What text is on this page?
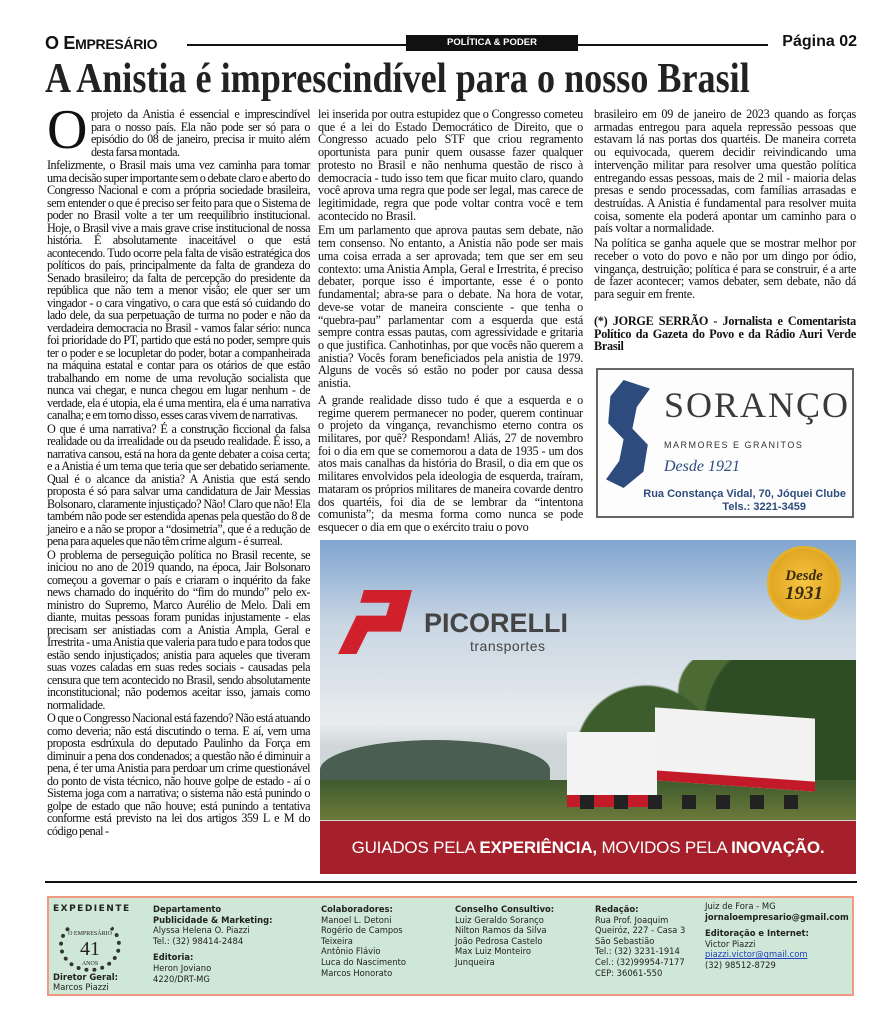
O EMPRESÁRIO	POLÍTICA & PODER	Página 02
A Anistia é imprescindível para o nosso Brasil

Oprojeto da Anistia é essencial e imprescindível para o nosso país. Ela não pode ser só para o episódio do 08 de janeiro, precisa ir muito além desta farsa montada.

Infelizmente, o Brasil mais uma vez caminha para tomar uma decisão super importante sem o debate claro e aberto do Congresso Nacional e com a própria sociedade brasileira, sem entender o que é preciso ser feito para que o Sistema de poder no Brasil volte a ter um reequilíbrio institucional. Hoje, o Brasil vive a mais grave crise institucional de nossa história. É absolutamente inaceitável o que está acontecendo. Tudo ocorre pela falta de visão estratégica dos políticos do país, principalmente da falta de grandeza do Senado brasileiro; da falta de percepção do presidente da república que não tem a menor visão; ele quer ser um vingador - o cara vingativo, o cara que está só cuidando do lado dele, da sua perpetuação de turma no poder e não da verdadeira democracia no Brasil - vamos falar sério: nunca foi prioridade do PT, partido que está no poder, sempre quis ter o poder e se locupletar do poder, botar a companheirada na máquina estatal e contar para os otários de que estão trabalhando em nome de uma revolução socialista que nunca vai chegar, e nunca chegou em lugar nenhum - de verdade, ela é utopia, ela é uma mentira, ela é uma narrativa canalha; e em torno disso, esses caras vivem de narrativas.

O que é uma narrativa? É a construção ficcional da falsa realidade ou da irrealidade ou da pseudo realidade. É isso, a narrativa cansou, está na hora da gente debater a coisa certa; e a Anistia é um tema que teria que ser debatido seriamente. Qual é o alcance da anistia? A Anistia que está sendo proposta é só para salvar uma candidatura de Jair Messias Bolsonaro, claramente injustiçado? Não! Claro que não! Ela também não pode ser estendida apenas pela questão do 8 de janeiro e a não se propor a “dosimetria”, que é a redução de pena para aqueles que não têm crime algum - é surreal.

O problema de perseguição política no Brasil recente, se iniciou no ano de 2019 quando, na época, Jair Bolsonaro começou a governar o país e criaram o inquérito da fake news chamado do inquérito do “fim do mundo” pelo ex-ministro do Supremo, Marco Aurélio de Melo. Dali em diante, muitas pessoas foram punidas injustamente - elas precisam ser anistiadas com a Anistia Ampla, Geral e Irrestrita - uma Anistia que valeria para tudo e para todos que estão sendo injustiçados; anistia para aqueles que tiveram suas vozes caladas em suas redes sociais - causadas pela censura que tem acontecido no Brasil, sendo absolutamente inconstitucional; não podemos aceitar isso, jamais como normalidade.

O que o Congresso Nacional está fazendo? Não está atuando como deveria; não está discutindo o tema. E aí, vem uma proposta esdrúxula do deputado Paulinho da Força em diminuir a pena dos condenados; a questão não é diminuir a pena, é ter uma Anistia para perdoar um crime questionável do ponto de vista técnico, não houve golpe de estado - aí o Sistema joga com a narrativa; o sistema não está punindo o golpe de estado que não houve; está punindo a tentativa conforme está previsto na lei dos artigos 359 L e M do código penal -

lei inserida por outra estupidez que o Congresso cometeu que é a lei do Estado Democrático de Direito, que o Congresso acuado pelo STF que criou regramento oportunista para punir quem ousasse fazer qualquer protesto no Brasil e não nenhuma questão de risco à democracia - tudo isso tem que ficar muito claro, quando você aprova uma regra que pode ser legal, mas carece de legitimidade, regra que pode voltar contra você e tem acontecido no Brasil.

Em um parlamento que aprova pautas sem debate, não tem consenso. No entanto, a Anistia não pode ser mais uma coisa errada a ser aprovada; tem que ser em seu contexto: uma Anistia Ampla, Geral e Irrestrita, é preciso debater, porque isso é importante, esse é o ponto fundamental; abra-se para o debate. Na hora de votar, deve-se votar de maneira consciente - que tenha o “quebra-pau” parlamentar com a esquerda que está sempre contra essas pautas, com agressividade e gritaria o que justifica. Canhotinhas, por que vocês não querem a anistia? Vocês foram beneficiados pela anistia de 1979. Alguns de vocês só estão no poder por causa dessa anistia.

A grande realidade disso tudo é que a esquerda e o regime querem permanecer no poder, querem continuar o projeto da vingança, revanchismo eterno contra os militares, por quê? Respondam! Aliás, 27 de novembro foi o dia em que se comemorou a data de 1935 - um dos atos mais canalhas da história do Brasil, o dia em que os militares envolvidos pela ideologia de esquerda, traíram, mataram os próprios militares de maneira covarde dentro dos quartéis, foi dia de se lembrar da “intentona comunista”; da mesma forma como nunca se pode esquecer o dia em que o exército traiu o povo

brasileiro em 09 de janeiro de 2023 quando as forças armadas entregou para aquela repressão pessoas que estavam lá nas portas dos quartéis. De maneira correta ou equivocada, querem decidir reivindicando uma intervenção militar para resolver uma questão política entregando essas pessoas, mais de 2 mil - maioria delas presas e sendo processadas, com famílias arrasadas e destruídas. A Anistia é fundamental para resolver muita coisa, somente ela poderá apontar um caminho para o país voltar a normalidade.

Na política se ganha aquele que se mostrar melhor por receber o voto do povo e não por um dingo por ódio, vingança, destruição; política é para se construir, é a arte de fazer acontecer; vamos debater, sem debate, não dá para seguir em frente.

(*) JORGE SERRÃO - Jornalista e Comentarista Político da Gazeta do Povo e da Rádio Auri Verde Brasil

SORANÇO
MARMORES E GRANITOS
Desde 1921
Rua Constança Vidal, 70, Jóquei Clube
Tels.: 3221-3459
PICORELLI
transportes
Desde
1931
GUIADOS PELA EXPERIÊNCIA, MOVIDOS PELA INOVAÇÃO.
EXPEDIENTE
O EMPRESÁRIO
41
ANOS
Diretor Geral:
Marcos Piazzi
Departamento
Publicidade & Marketing:
Alyssa Helena O. Piazzi
Tel.: (32) 98414-2484
Editoria:
Heron Joviano
4220/DRT-MG
Colaboradores:
Manoel L. Detoni
Rogério de Campos
Teixeira
Antônio Flávio
Luca do Nascimento
Marcos Honorato
Conselho Consultivo:
Luiz Geraldo Soranço
Nilton Ramos da Silva
João Pedrosa Castelo
Max Luiz Monteiro
Junqueira
Redação:
Rua Prof. Joaquim
Queiróz, 227 - Casa 3
São Sebastião
Tel.: (32) 3231-1914
Cel.: (32)99954-7177
CEP: 36061-550
Juiz de Fora - MG
jornaloempresario@gmail.com
Editoração e Internet:
Victor Piazzi
piazzi.victor@gmail.com
(32) 98512-8729
